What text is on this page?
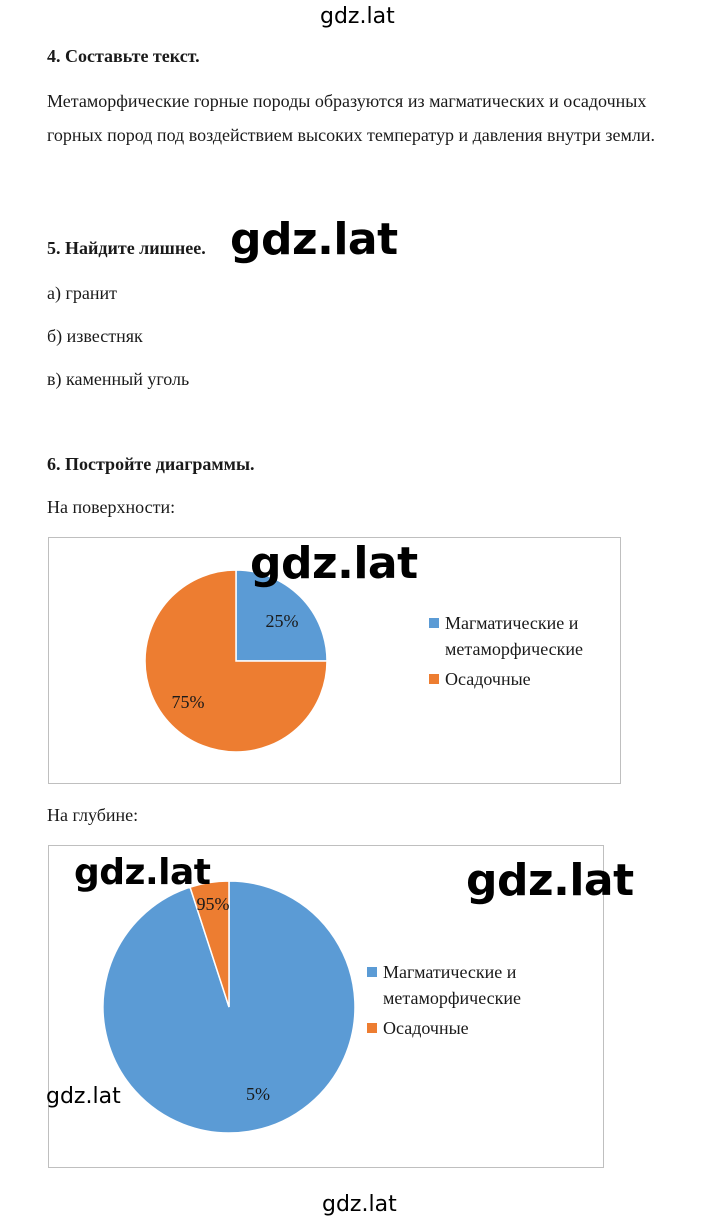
gdz.lat

4. Составьте текст.

Метаморфические горные породы образуются из магматических и осадочных горных пород под воздействием высоких температур и давления внутри земли.

5. Найдите лишнее. gdz.lat
а) гранит
б) известняк
в) каменный уголь

6. Постройте диаграммы.

На поверхности:
25%
75%
Магматические и
метаморфические
Осадочные
gdz.lat
На глубине:
95%
5%
Магматические и
метаморфические
Осадочные
gdz.lat	gdz.lat
gdz.lat
gdz.lat
